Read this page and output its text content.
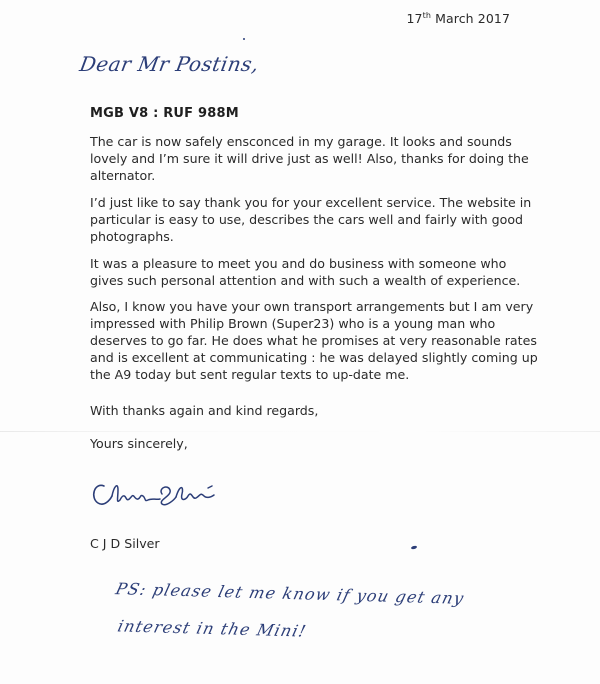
17th March 2017
Dear Mr Postins,
MGB V8 : RUF 988M

The car is now safely ensconced in my garage. It looks and sounds lovely and I’m sure it will drive just as well! Also, thanks for doing the alternator.

I’d just like to say thank you for your excellent service. The website in particular is easy to use, describes the cars well and fairly with good photographs.

It was a pleasure to meet you and do business with someone who gives such personal attention and with such a wealth of experience.

Also, I know you have your own transport arrangements but I am very impressed with Philip Brown (Super23) who is a young man who deserves to go far. He does what he promises at very reasonable rates and is excellent at communicating : he was delayed slightly coming up the A9 today but sent regular texts to up-date me.

With thanks again and kind regards,

Yours sincerely,

C J D Silver
PS: please let me know if you get any
interest in the Mini!
